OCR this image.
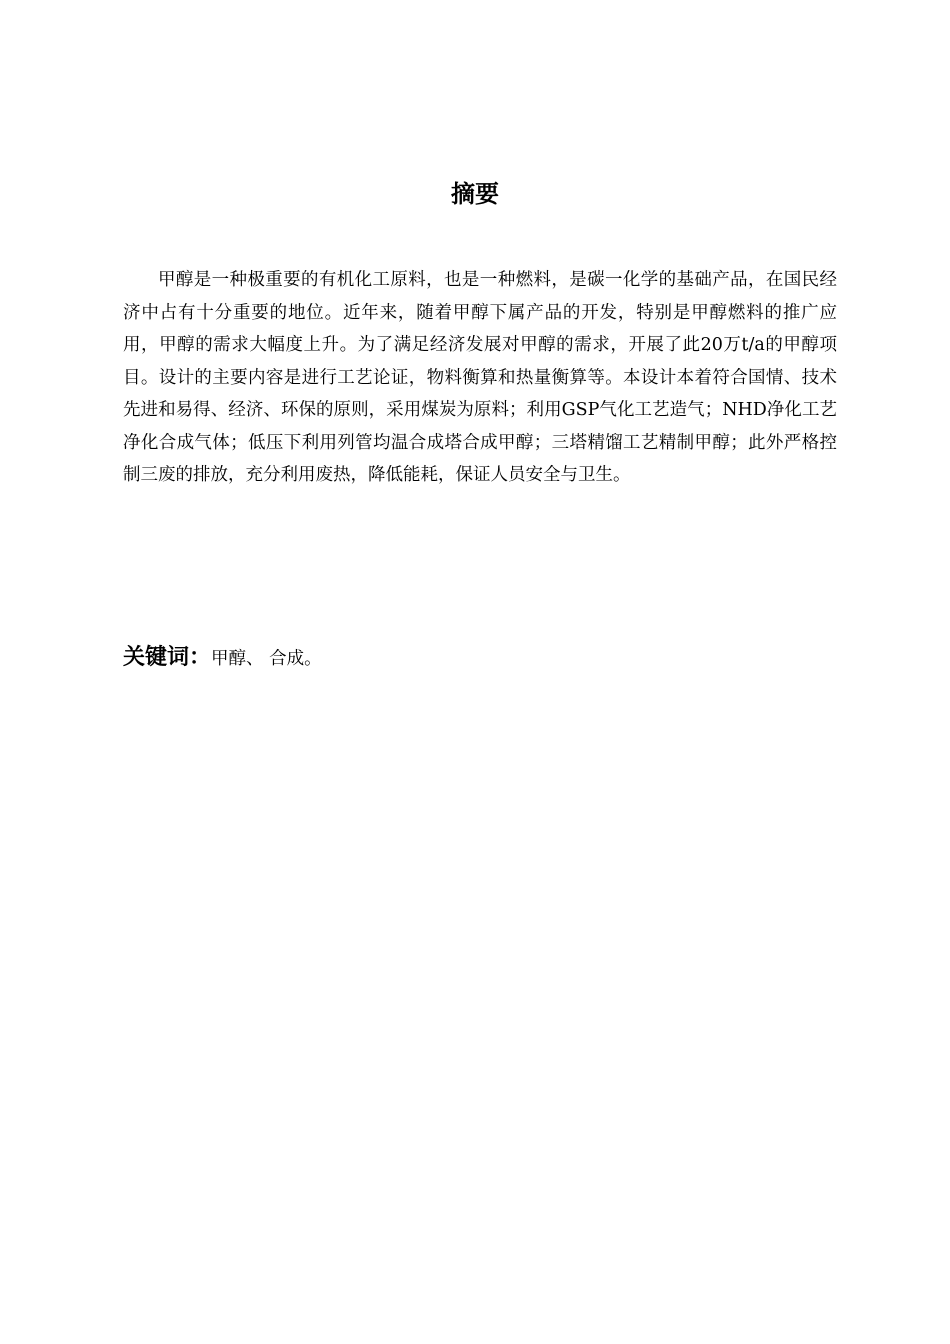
摘要

甲醇是一种极重要的有机化工原料，也是一种燃料，是碳一化学的基础产品，在国民经济中占有十分重要的地位。近年来，随着甲醇下属产品的开发，特别是甲醇燃料的推广应用，甲醇的需求大幅度上升。为了满足经济发展对甲醇的需求，开展了此20万t/a的甲醇项目。设计的主要内容是进行工艺论证，物料衡算和热量衡算等。本设计本着符合国情、技术先进和易得、经济、环保的原则，采用煤炭为原料；利用GSP气化工艺造气；NHD净化工艺净化合成气体；低压下利用列管均温合成塔合成甲醇；三塔精馏工艺精制甲醇；此外严格控制三废的排放，充分利用废热，降低能耗，保证人员安全与卫生。

关键词：甲醇、 合成。
